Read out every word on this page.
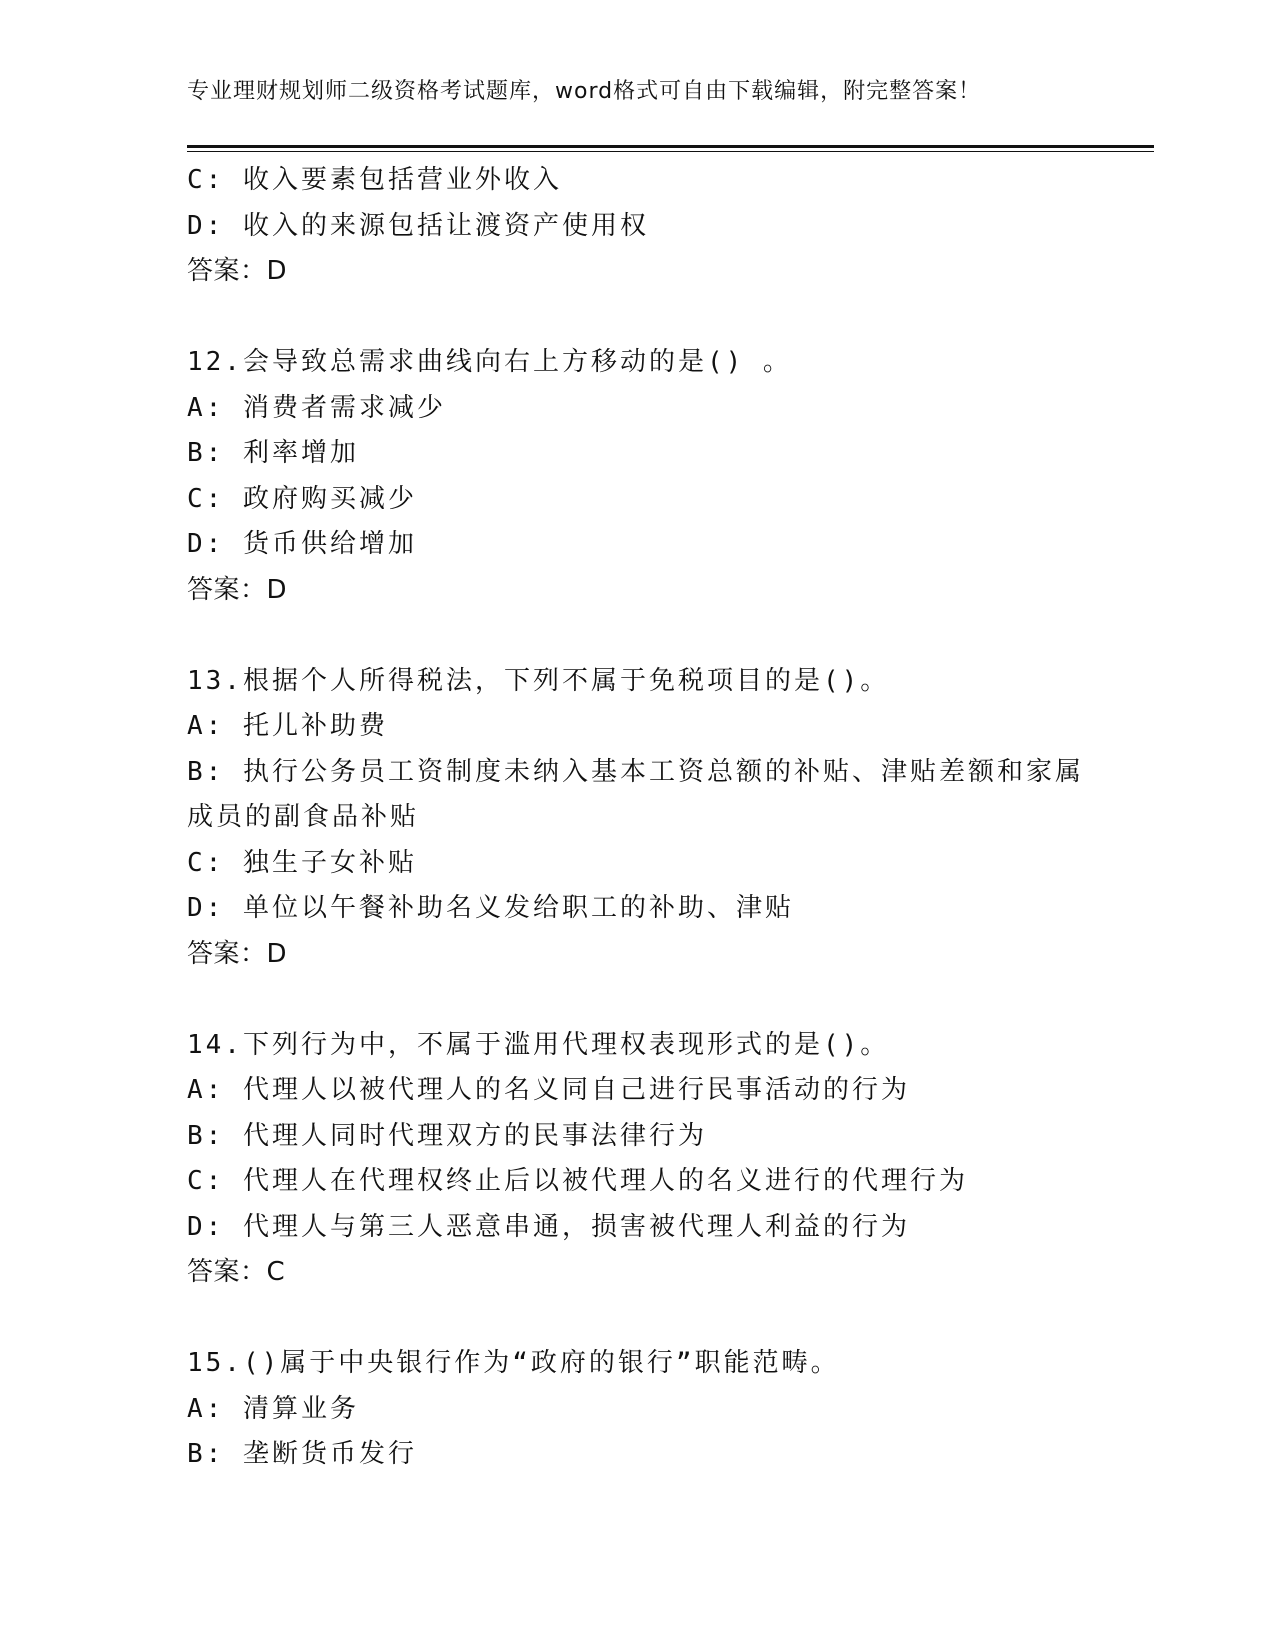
专业理财规划师二级资格考试题库，word格式可自由下载编辑，附完整答案！
C: 收入要素包括营业外收入
D: 收入的来源包括让渡资产使用权
答案：D
12.会导致总需求曲线向右上方移动的是() 。
A: 消费者需求减少
B: 利率增加
C: 政府购买减少
D: 货币供给增加
答案：D
13.根据个人所得税法，下列不属于免税项目的是()。
A: 托儿补助费
B: 执行公务员工资制度未纳入基本工资总额的补贴、津贴差额和家属
成员的副食品补贴
C: 独生子女补贴
D: 单位以午餐补助名义发给职工的补助、津贴
答案：D
14.下列行为中，不属于滥用代理权表现形式的是()。
A: 代理人以被代理人的名义同自己进行民事活动的行为
B: 代理人同时代理双方的民事法律行为
C: 代理人在代理权终止后以被代理人的名义进行的代理行为
D: 代理人与第三人恶意串通，损害被代理人利益的行为
答案：C
15.()属于中央银行作为“政府的银行”职能范畴。
A: 清算业务
B: 垄断货币发行
